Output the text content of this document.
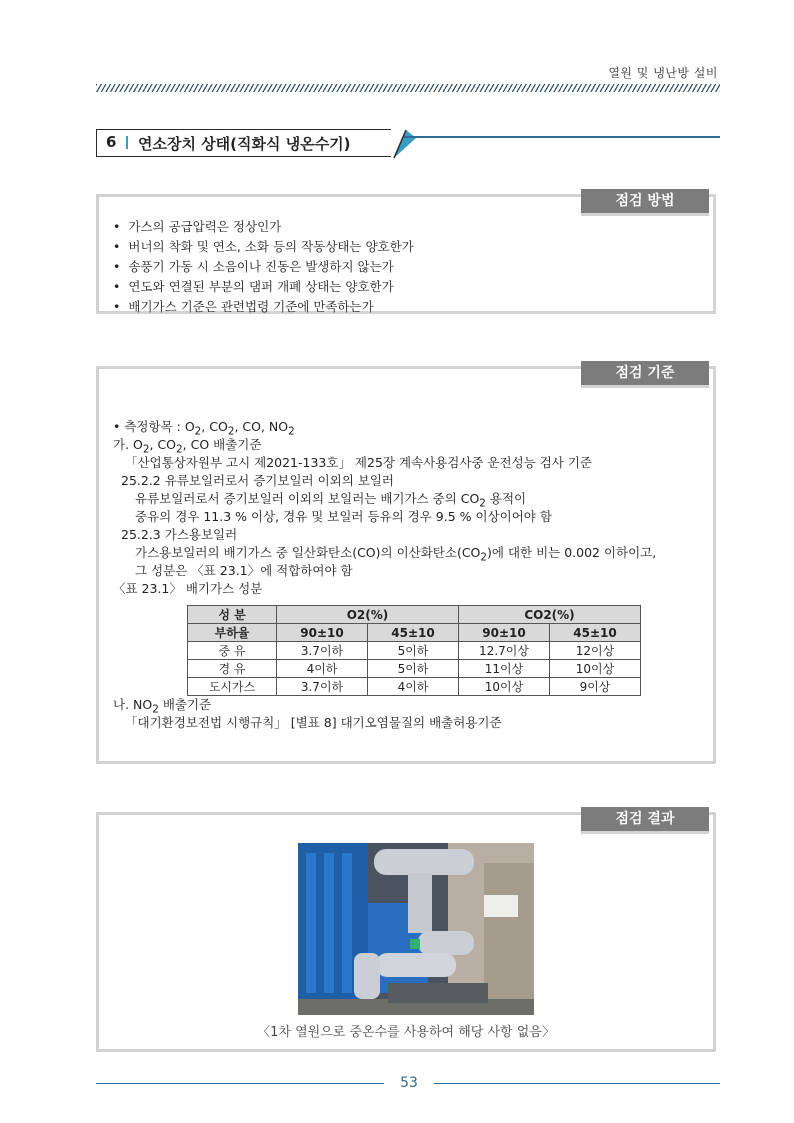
열원 및 냉난방 설비
6 연소장치 상태(직화식 냉온수기)
점검 방법
• 가스의 공급압력은 정상인가
• 버너의 착화 및 연소, 소화 등의 작동상태는 양호한가
• 송풍기 가동 시 소음이나 진동은 발생하지 않는가
• 연도와 연결된 부분의 댐퍼 개폐 상태는 양호한가
• 배기가스 기준은 관련법령 기준에 만족하는가
점검 기준
• 측정항목 : $O_2$, $CO_2$, CO, $NO_2$
가. $O_2$, $CO_2$, CO 배출기준
「산업통상자원부 고시 제2021-133호」 제25장 계속사용검사중 운전성능 검사 기준
25.2.2 유류보일러로서 증기보일러 이외의 보일러
유류보일러로서 증기보일러 이외의 보일러는 배기가스 중의 $CO_2$ 용적이
중유의 경우 11.3 % 이상, 경유 및 보일러 등유의 경우 9.5 % 이상이어야 함
25.2.3 가스용보일러
가스용보일러의 배기가스 중 일산화탄소(CO)의 이산화탄소$(CO_2)$에 대한 비는 0.002 이하이고,
그 성분은 〈표 23.1〉에 적합하여야 함
〈표 23.1〉 배기가스 성분
성 분	O2(%)		CO2(%)	
부하율	90±10	45±10	90±10	45±10
중 유	3.7이하	5이하	12.7이상	12이상
경 유	4이하	5이하	11이상	10이상
도시가스	3.7이하	4이하	10이상	9이상
나. $NO_2$ 배출기준
「대기환경보전법 시행규칙」 [별표 8] 대기오염물질의 배출허용기준
점검 결과
〈1차 열원으로 중온수를 사용하여 해당 사항 없음〉
53
